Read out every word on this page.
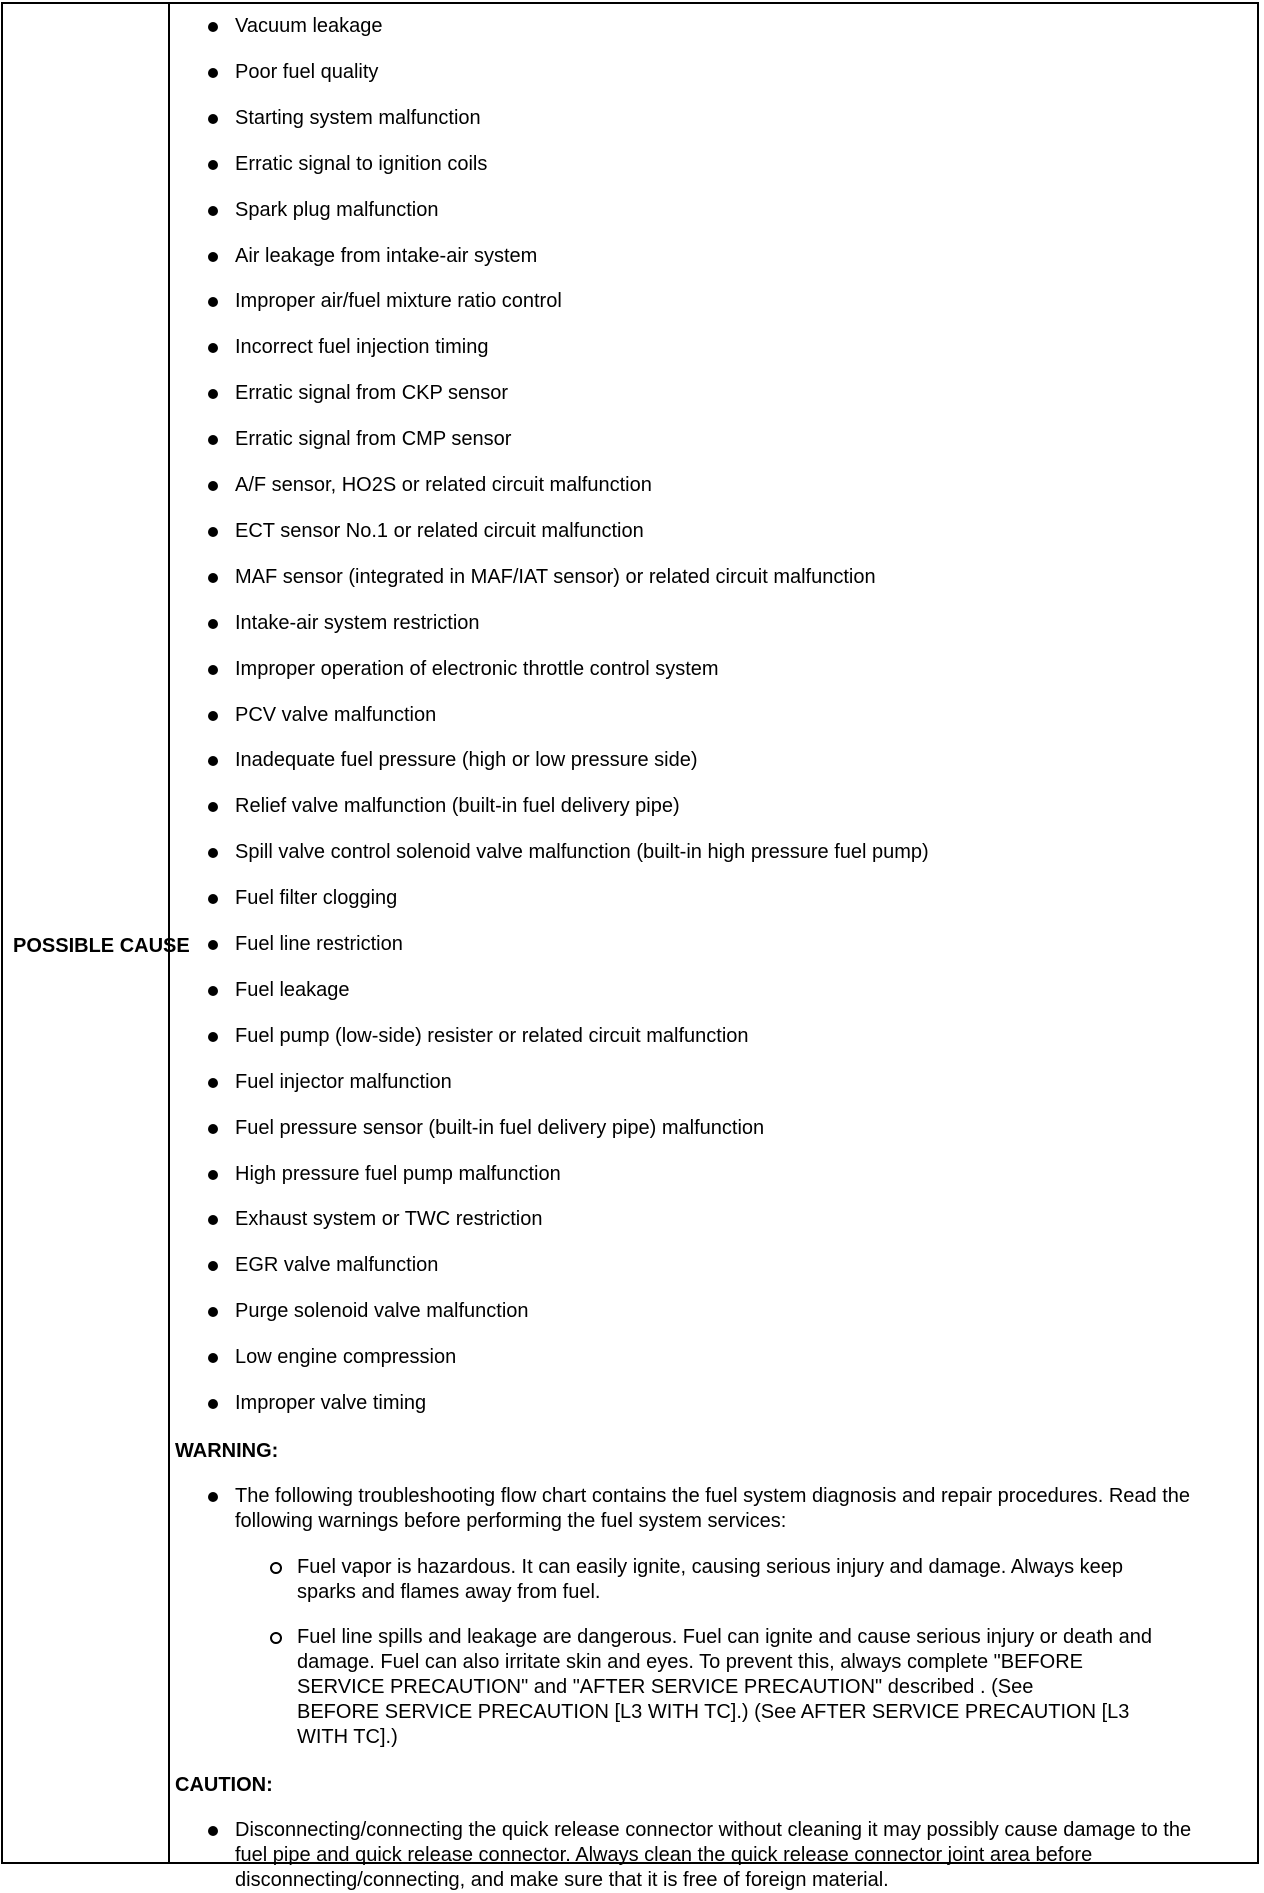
POSSIBLE CAUSE
Vacuum leakage
Poor fuel quality
Starting system malfunction
Erratic signal to ignition coils
Spark plug malfunction
Air leakage from intake-air system
Improper air/fuel mixture ratio control
Incorrect fuel injection timing
Erratic signal from CKP sensor
Erratic signal from CMP sensor
A/F sensor, HO2S or related circuit malfunction
ECT sensor No.1 or related circuit malfunction
MAF sensor (integrated in MAF/IAT sensor) or related circuit malfunction
Intake-air system restriction
Improper operation of electronic throttle control system
PCV valve malfunction
Inadequate fuel pressure (high or low pressure side)
Relief valve malfunction (built-in fuel delivery pipe)
Spill valve control solenoid valve malfunction (built-in high pressure fuel pump)
Fuel filter clogging
Fuel line restriction
Fuel leakage
Fuel pump (low-side) resister or related circuit malfunction
Fuel injector malfunction
Fuel pressure sensor (built-in fuel delivery pipe) malfunction
High pressure fuel pump malfunction
Exhaust system or TWC restriction
EGR valve malfunction
Purge solenoid valve malfunction
Low engine compression
Improper valve timing
WARNING:
The following troubleshooting flow chart contains the fuel system diagnosis and repair procedures. Read the
following warnings before performing the fuel system services:
Fuel vapor is hazardous. It can easily ignite, causing serious injury and damage. Always keep
sparks and flames away from fuel.
Fuel line spills and leakage are dangerous. Fuel can ignite and cause serious injury or death and
damage. Fuel can also irritate skin and eyes. To prevent this, always complete "BEFORE
SERVICE PRECAUTION" and "AFTER SERVICE PRECAUTION" described . (See
BEFORE SERVICE PRECAUTION [L3 WITH TC].) (See AFTER SERVICE PRECAUTION [L3
WITH TC].)
CAUTION:
Disconnecting/connecting the quick release connector without cleaning it may possibly cause damage to the
fuel pipe and quick release connector. Always clean the quick release connector joint area before
disconnecting/connecting, and make sure that it is free of foreign material.
